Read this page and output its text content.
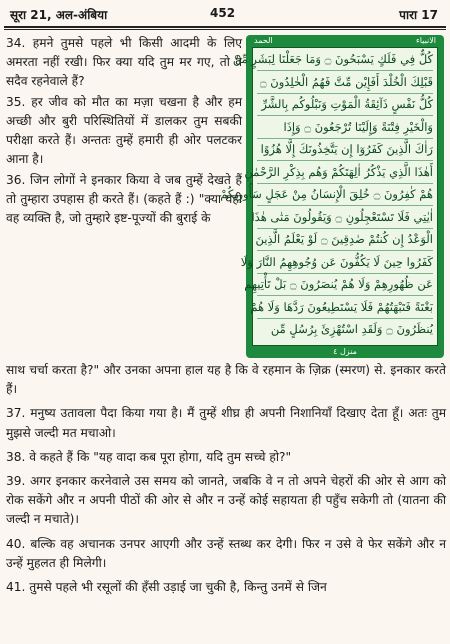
सूरा 21, अल-अंबिया	452	पारा 17

34. हमने तुमसे पहले भी किसी आदमी के लिए अमरता नहीं रखी। फिर क्या यदि तुम मर गए, तो वे सदैव रहनेवाले हैं?

35. हर जीव को मौत का मज़ा चखना है और हम अच्छी और बुरी परिस्थितियों में डालकर तुम सबकी परीक्षा करते हैं। अन्ततः तुम्हें हमारी ही ओर पलटकर आना है।

36. जिन लोगों ने इनकार किया वे जब तुम्हें देखते हैं तो तुम्हारा उपहास ही करते हैं। (कहते हैं :) "क्या यही वह व्यक्ति है, जो तुम्हारे इष्ट-पूज्यों की बुराई के

الحمد	الانبياء
كُلٌّ فِي فَلَكٍ يَسْبَحُونَ ۝ وَمَا جَعَلْنَا لِبَشَرٍ مِّنْ
قَبْلِكَ الْخُلْدَ أَفَإِيْن مِّتَّ فَهُمُ الْخٰلِدُونَ ۝
كُلُّ نَفْسٍ ذَآئِقَةُ الْمَوْتِ وَنَبْلُوكُم بِالشَّرِّ
وَالْخَيْرِ فِتْنَةً وَإِلَيْنَا تُرْجَعُونَ ۝ وَإِذَا
رَاٰكَ الَّذِينَ كَفَرُوٓا إِن يَتَّخِذُونَكَ إِلَّا هُزُوًا
أَهٰذَا الَّذِي يَذْكُرُ اٰلِهَتَكُمْ وَهُم بِذِكْرِ الرَّحْمٰنِ
هُمْ كٰفِرُونَ ۝ خُلِقَ الْإِنسَانُ مِنْ عَجَلٍ سَأُورِيكُمْ
اٰيٰتِي فَلَا تَسْتَعْجِلُونِ ۝ وَيَقُولُونَ مَتٰى هٰذَا
الْوَعْدُ إِن كُنتُمْ صٰدِقِينَ ۝ لَوْ يَعْلَمُ الَّذِينَ
كَفَرُوا حِينَ لَا يَكُفُّونَ عَن وُجُوهِهِمُ النَّارَ وَلَا
عَن ظُهُورِهِمْ وَلَا هُمْ يُنصَرُونَ ۝ بَلْ تَأْتِيهِم
بَغْتَةً فَتَبْهَتُهُمْ فَلَا يَسْتَطِيعُونَ رَدَّهَا وَلَا هُمْ
يُنظَرُونَ ۝ وَلَقَدِ اسْتُهْزِئَ بِرُسُلٍ مِّن
منزل ٤

साथ चर्चा करता है?" और उनका अपना हाल यह है कि वे रहमान के ज़िक्र (स्मरण) से. इनकार करते हैं।

37. मनुष्य उतावला पैदा किया गया है। मैं तुम्हें शीघ्र ही अपनी निशानियाँ दिखाए देता हूँ। अतः तुम मुझसे जल्दी मत मचाओ।

38. वे कहते हैं कि "यह वादा कब पूरा होगा, यदि तुम सच्चे हो?"

39. अगर इनकार करनेवाले उस समय को जानते, जबकि वे न तो अपने चेहरों की ओर से आग को रोक सकेंगे और न अपनी पीठों की ओर से और न उन्हें कोई सहायता ही पहुँच सकेगी तो (यातना की जल्दी न मचाते)।

40. बल्कि वह अचानक उनपर आएगी और उन्हें स्तब्ध कर देगी। फिर न उसे वे फेर सकेंगे और न उन्हें मुहलत ही मिलेगी।

41. तुमसे पहले भी रसूलों की हँसी उड़ाई जा चुकी है, किन्तु उनमें से जिन
